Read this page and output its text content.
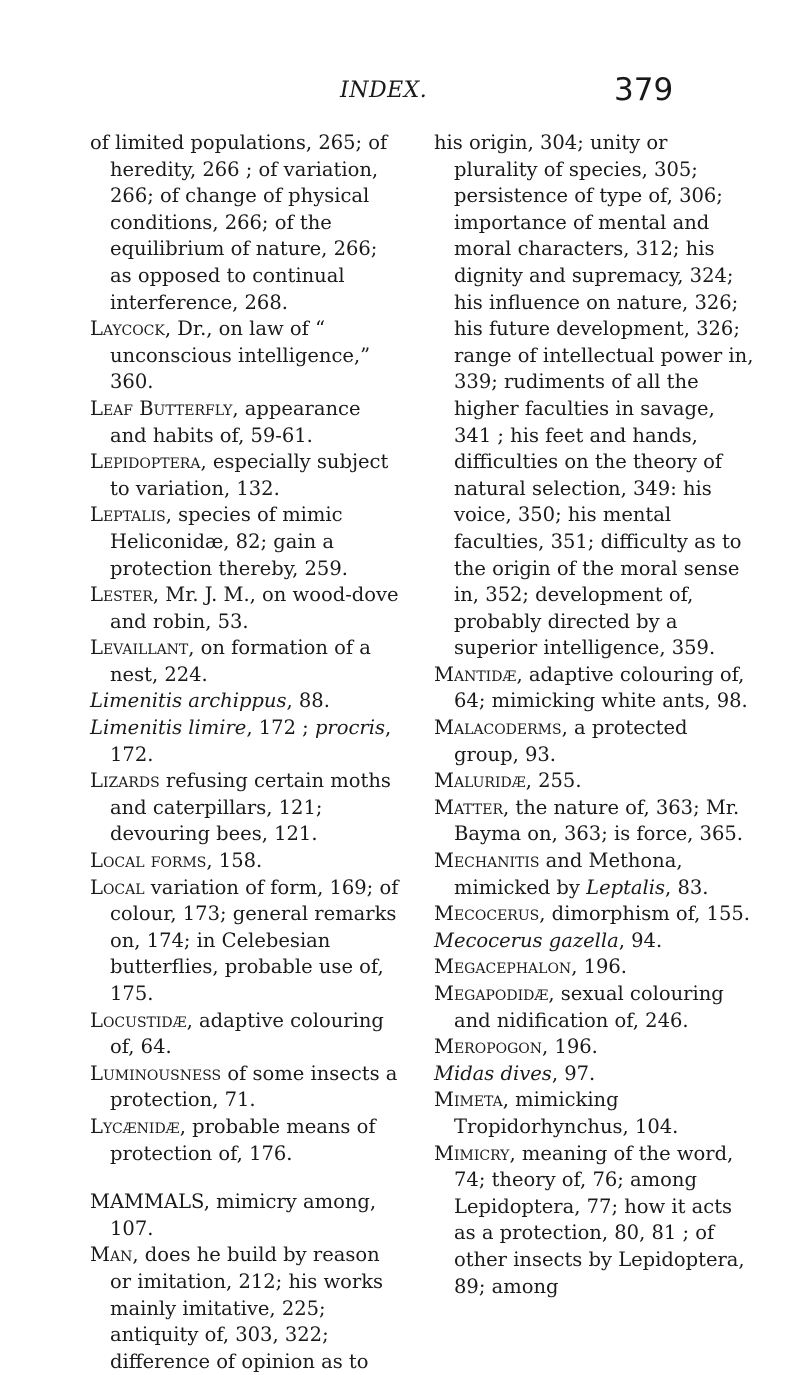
INDEX.	379

of limited populations, 265; of heredity, 266 ; of variation, 266; of change of physical conditions, 266; of the equilibrium of nature, 266; as opposed to continual interference, 268.

Laycock, Dr., on law of “ unconscious intelligence,” 360.

Leaf Butterfly, appearance and habits of, 59-61.

Lepidoptera, especially subject to variation, 132.

Leptalis, species of mimic Heliconidæ, 82; gain a protection thereby, 259.

Lester, Mr. J. M., on wood-dove and robin, 53.

Levaillant, on formation of a nest, 224.

Limenitis archippus, 88.

Limenitis limire, 172 ; procris, 172.

Lizards refusing certain moths and caterpillars, 121; devouring bees, 121.

Local forms, 158.

Local variation of form, 169; of colour, 173; general remarks on, 174; in Celebesian butterflies, probable use of, 175.

Locustidæ, adaptive colouring of, 64.

Luminousness of some insects a protection, 71.

Lycænidæ, probable means of protection of, 176.

MAMMALS, mimicry among, 107.

Man, does he build by reason or imitation, 212; his works mainly imitative, 225; antiquity of, 303, 322; difference of opinion as to

his origin, 304; unity or plurality of species, 305; persistence of type of, 306; importance of mental and moral characters, 312; his dignity and supremacy, 324; his influence on nature, 326; his future development, 326; range of intellectual power in, 339; rudiments of all the higher faculties in savage, 341 ; his feet and hands, difficulties on the theory of natural selection, 349: his voice, 350; his mental faculties, 351; difficulty as to the origin of the moral sense in, 352; development of, probably directed by a superior intelligence, 359.

Mantidæ, adaptive colouring of, 64; mimicking white ants, 98.

Malacoderms, a protected group, 93.

Maluridæ, 255.

Matter, the nature of, 363; Mr. Bayma on, 363; is force, 365.

Mechanitis and Methona, mimicked by Leptalis, 83.

Mecocerus, dimorphism of, 155.

Mecocerus gazella, 94.

Megacephalon, 196.

Megapodidæ, sexual colouring and nidification of, 246.

Meropogon, 196.

Midas dives, 97.

Mimeta, mimicking Tropidorhynchus, 104.

Mimicry, meaning of the word, 74; theory of, 76; among Lepidoptera, 77; how it acts as a protection, 80, 81 ; of other insects by Lepidoptera, 89; among
